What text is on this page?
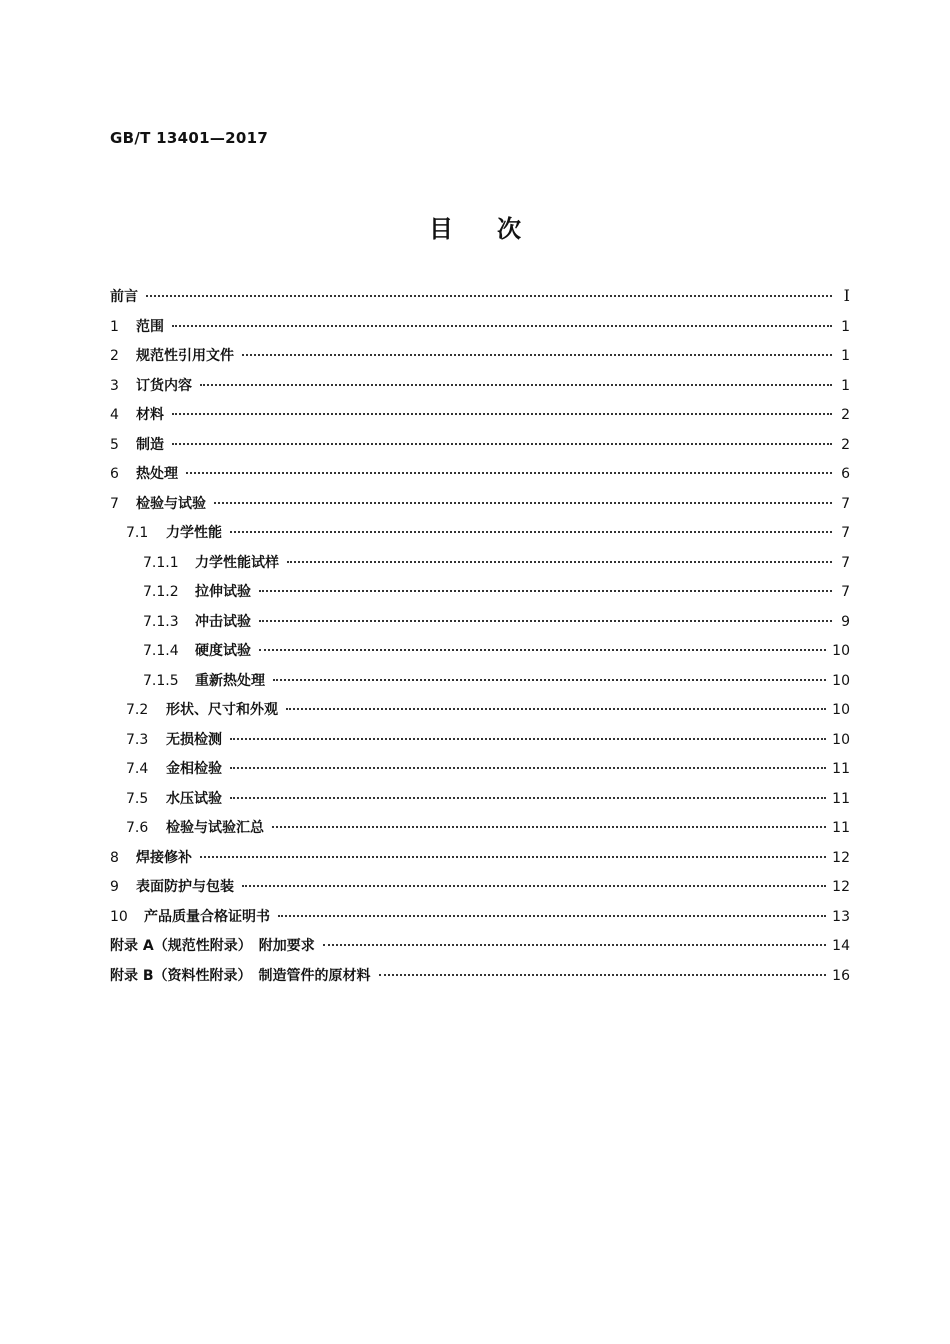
GB/T 13401—2017
目 次
前言	I
1	范围	1
2	规范性引用文件	1
3	订货内容	1
4	材料	2
5	制造	2
6	热处理	6
7	检验与试验	7
7.1	力学性能	7
7.1.1	力学性能试样	7
7.1.2	拉伸试验	7
7.1.3	冲击试验	9
7.1.4	硬度试验	10
7.1.5	重新热处理	10
7.2	形状、尺寸和外观	10
7.3	无损检测	10
7.4	金相检验	11
7.5	水压试验	11
7.6	检验与试验汇总	11
8	焊接修补	12
9	表面防护与包装	12
10	产品质量合格证明书	13
附录 A（规范性附录）　附加要求	14
附录 B（资料性附录）　制造管件的原材料	16
